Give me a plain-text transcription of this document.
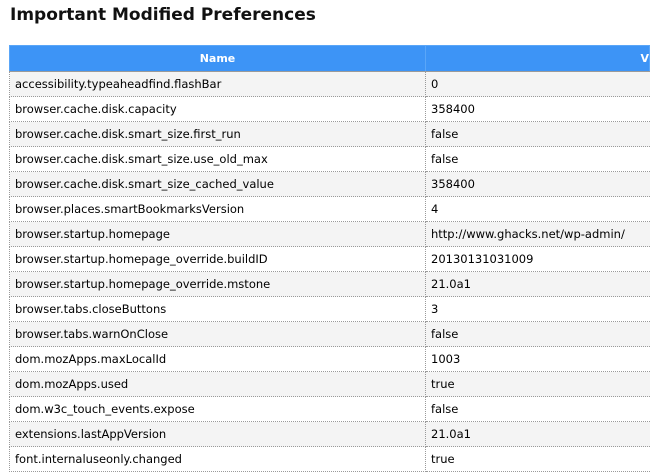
Important Modified Preferences
Name	V
accessibility.typeaheadfind.flashBar	0
browser.cache.disk.capacity	358400
browser.cache.disk.smart_size.first_run	false
browser.cache.disk.smart_size.use_old_max	false
browser.cache.disk.smart_size_cached_value	358400
browser.places.smartBookmarksVersion	4
browser.startup.homepage	http://www.ghacks.net/wp-admin/
browser.startup.homepage_override.buildID	20130131031009
browser.startup.homepage_override.mstone	21.0a1
browser.tabs.closeButtons	3
browser.tabs.warnOnClose	false
dom.mozApps.maxLocalId	1003
dom.mozApps.used	true
dom.w3c_touch_events.expose	false
extensions.lastAppVersion	21.0a1
font.internaluseonly.changed	true
